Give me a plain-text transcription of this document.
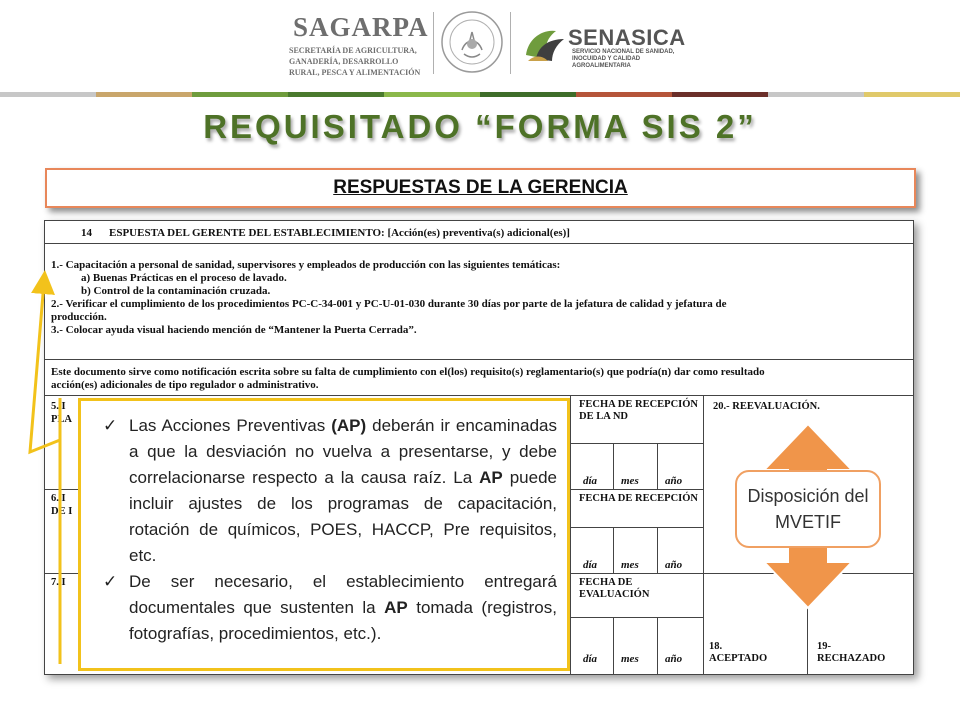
SAGARPA
SECRETARÍA DE AGRICULTURA, GANADERÍA, DESARROLLO RURAL, PESCA Y ALIMENTACIÓN
SENASICA
SERVICIO NACIONAL DE SANIDAD, INOCUIDAD Y CALIDAD AGROALIMENTARIA
REQUISITADO “FORMA SIS 2”
RESPUESTAS DE LA GERENCIA
14 ESPUESTA DEL GERENTE DEL ESTABLECIMIENTO: [Acción(es) preventiva(s) adicional(es)]
1.- Capacitación a personal de sanidad, supervisores y empleados de producción con las siguientes temáticas:
a) Buenas Prácticas en el proceso de lavado.
b) Control de la contaminación cruzada.
2.- Verificar el cumplimiento de los procedimientos PC-C-34-001 y PC-U-01-030 durante 30 días por parte de la jefatura de calidad y jefatura de
producción.
3.- Colocar ayuda visual haciendo mención de “Mantener la Puerta Cerrada”.
Este documento sirve como notificación escrita sobre su falta de cumplimiento con el(los) requisito(s) reglamentario(s) que podría(n) dar como resultado
acción(es) adicionales de tipo regulador o administrativo.
5. I
PLA
6. I
DE I
7. I
FECHA DE RECEPCIÓN DE LA ND
día mes año
FECHA DE RECEPCIÓN
día mes año
FECHA DE EVALUACIÓN
día mes año
20.- REEVALUACIÓN.
18. ACEPTADO
19- RECHAZADO
Disposición del MVETIF
✓ Las Acciones Preventivas (AP) deberán ir encaminadas a que la desviación no vuelva a presentarse, y debe correlacionarse respecto a la causa raíz. La AP puede incluir ajustes de los programas de capacitación, rotación de químicos, POES, HACCP, Pre requisitos, etc.
✓ De ser necesario, el establecimiento entregará documentales que sustenten la AP tomada (registros, fotografías, procedimientos, etc.).
